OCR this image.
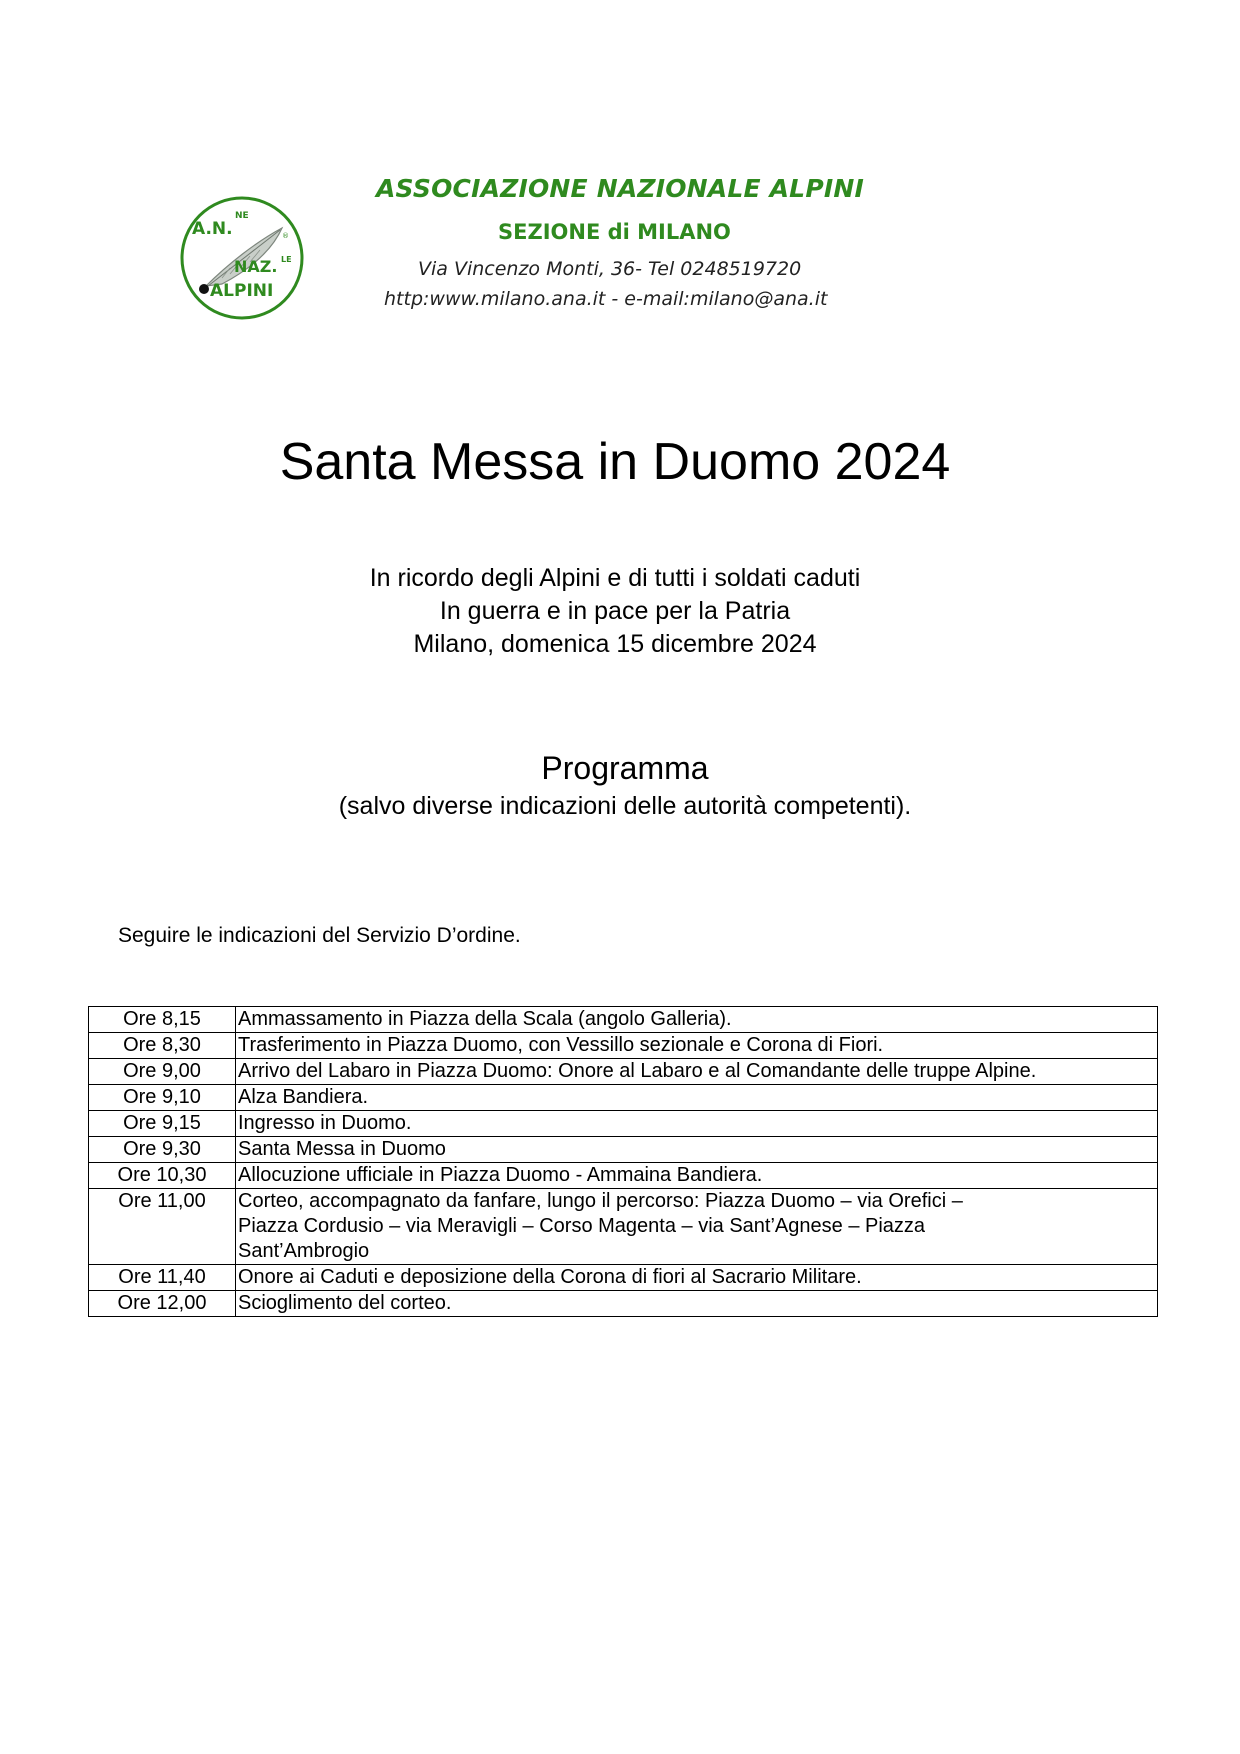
A.N.
NE
NAZ. LE
ALPINI
®
ASSOCIAZIONE NAZIONALE ALPINI
SEZIONE di MILANO
Via Vincenzo Monti, 36- Tel 0248519720
http:www.milano.ana.it - e-mail:milano@ana.it
Santa Messa in Duomo 2024
In ricordo degli Alpini e di tutti i soldati caduti
In guerra e in pace per la Patria
Milano, domenica 15 dicembre 2024
Programma
(salvo diverse indicazioni delle autorità competenti).
Seguire le indicazioni del Servizio D’ordine.
Ore 8,15	Ammassamento in Piazza della Scala (angolo Galleria).

Ore 8,30	Trasferimento in Piazza Duomo, con Vessillo sezionale e Corona di Fiori.

Ore 9,00	Arrivo del Labaro in Piazza Duomo: Onore al Labaro e al Comandante delle truppe Alpine.

Ore 9,10	Alza Bandiera.

Ore 9,15	Ingresso in Duomo.

Ore 9,30	Santa Messa in Duomo

Ore 10,30	Allocuzione ufficiale in Piazza Duomo - Ammaina Bandiera.

Ore 11,00	Corteo, accompagnato da fanfare, lungo il percorso: Piazza Duomo – via Orefici –
Piazza Cordusio – via Meravigli – Corso Magenta – via Sant’Agnese – Piazza
Sant’Ambrogio

Ore 11,40	Onore ai Caduti e deposizione della Corona di fiori al Sacrario Militare.

Ore 12,00	Scioglimento del corteo.
